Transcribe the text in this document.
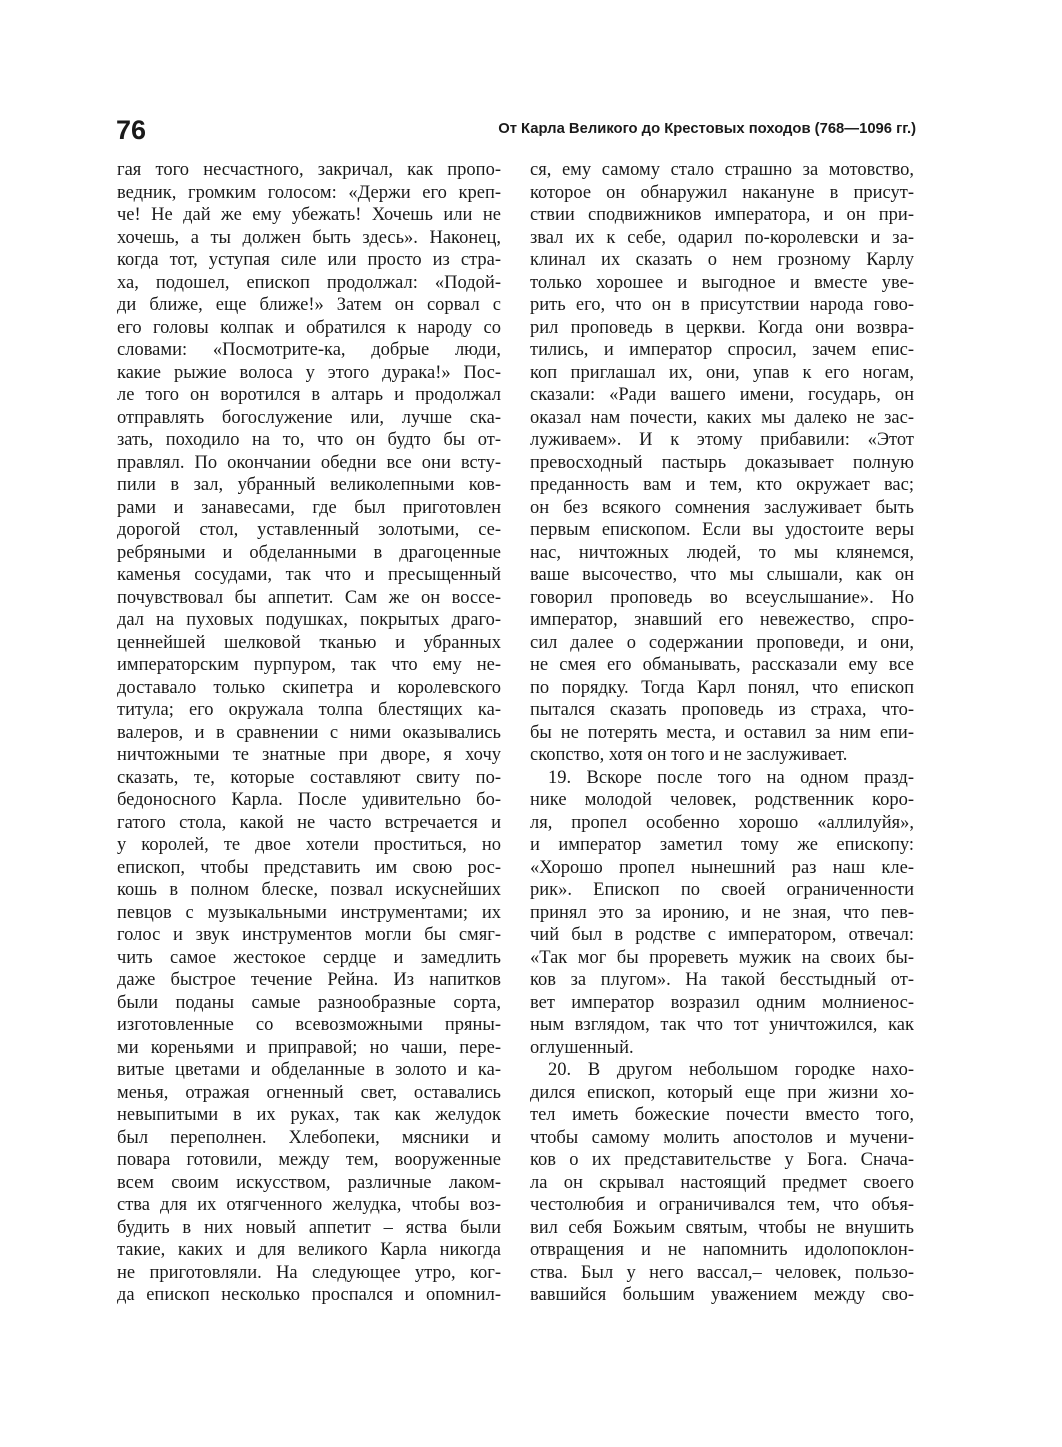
76	От Карла Великого до Крестовых походов (768—1096 гг.)
гая того несчастного, закричал, как пропо-
ведник, громким голосом: «Держи его креп-
че! Не дай же ему убежать! Хочешь или не
хочешь, а ты должен быть здесь». Наконец,
когда тот, уступая силе или просто из стра-
ха, подошел, епископ продолжал: «Подой-
ди ближе, еще ближе!» Затем он сорвал с
его головы колпак и обратился к народу со
словами: «Посмотрите-ка, добрые люди,
какие рыжие волоса у этого дурака!» Пос-
ле того он воротился в алтарь и продолжал
отправлять богослужение или, лучше ска-
зать, походило на то, что он будто бы от-
правлял. По окончании обедни все они всту-
пили в зал, убранный великолепными ков-
рами и занавесами, где был приготовлен
дорогой стол, уставленный золотыми, се-
ребряными и обделанными в драгоценные
каменья сосудами, так что и пресыщенный
почувствовал бы аппетит. Сам же он воссе-
дал на пуховых подушках, покрытых драго-
ценнейшей шелковой тканью и убранных
императорским пурпуром, так что ему не-
доставало только скипетра и королевского
титула; его окружала толпа блестящих ка-
валеров, и в сравнении с ними оказывались
ничтожными те знатные при дворе, я хочу
сказать, те, которые составляют свиту по-
бедоносного Карла. После удивительно бо-
гатого стола, какой не часто встречается и
у королей, те двое хотели проститься, но
епископ, чтобы представить им свою рос-
кошь в полном блеске, позвал искуснейших
певцов с музыкальными инструментами; их
голос и звук инструментов могли бы смяг-
чить самое жестокое сердце и замедлить
даже быстрое течение Рейна. Из напитков
были поданы самые разнообразные сорта,
изготовленные со всевозможными пряны-
ми кореньями и приправой; но чаши, пере-
витые цветами и обделанные в золото и ка-
менья, отражая огненный свет, оставались
невыпитыми в их руках, так как желудок
был переполнен. Хлебопеки, мясники и
повара готовили, между тем, вооруженные
всем своим искусством, различные лаком-
ства для их отягченного желудка, чтобы воз-
будить в них новый аппетит – яства были
такие, каких и для великого Карла никогда
не приготовляли. На следующее утро, ког-
да епископ несколько проспался и опомнил-
ся, ему самому стало страшно за мотовство,
которое он обнаружил накануне в присут-
ствии сподвижников императора, и он при-
звал их к себе, одарил по-королевски и за-
клинал их сказать о нем грозному Карлу
только хорошее и выгодное и вместе уве-
рить его, что он в присутствии народа гово-
рил проповедь в церкви. Когда они возвра-
тились, и император спросил, зачем епис-
коп приглашал их, они, упав к его ногам,
сказали: «Ради вашего имени, государь, он
оказал нам почести, каких мы далеко не зас-
луживаем». И к этому прибавили: «Этот
превосходный пастырь доказывает полную
преданность вам и тем, кто окружает вас;
он без всякого сомнения заслуживает быть
первым епископом. Если вы удостоите веры
нас, ничтожных людей, то мы клянемся,
ваше высочество, что мы слышали, как он
говорил проповедь во всеуслышание». Но
император, знавший его невежество, спро-
сил далее о содержании проповеди, и они,
не смея его обманывать, рассказали ему все
по порядку. Тогда Карл понял, что епископ
пытался сказать проповедь из страха, что-
бы не потерять места, и оставил за ним епи-
скопство, хотя он того и не заслуживает.
19. Вскоре после того на одном празд-
нике молодой человек, родственник коро-
ля, пропел особенно хорошо «аллилуйя»,
и император заметил тому же епископу:
«Хорошо пропел нынешний раз наш кле-
рик». Епископ по своей ограниченности
принял это за иронию, и не зная, что пев-
чий был в родстве с императором, отвечал:
«Так мог бы прореветь мужик на своих бы-
ков за плугом». На такой бесстыдный от-
вет император возразил одним молниенос-
ным взглядом, так что тот уничтожился, как
оглушенный.
20. В другом небольшом городке нахо-
дился епископ, который еще при жизни хо-
тел иметь божеские почести вместо того,
чтобы самому молить апостолов и мучени-
ков о их представительстве у Бога. Снача-
ла он скрывал настоящий предмет своего
честолюбия и ограничивался тем, что объя-
вил себя Божьим святым, чтобы не внушить
отвращения и не напомнить идолопоклон-
ства. Был у него вассал,– человек, пользо-
вавшийся большим уважением между сво-
